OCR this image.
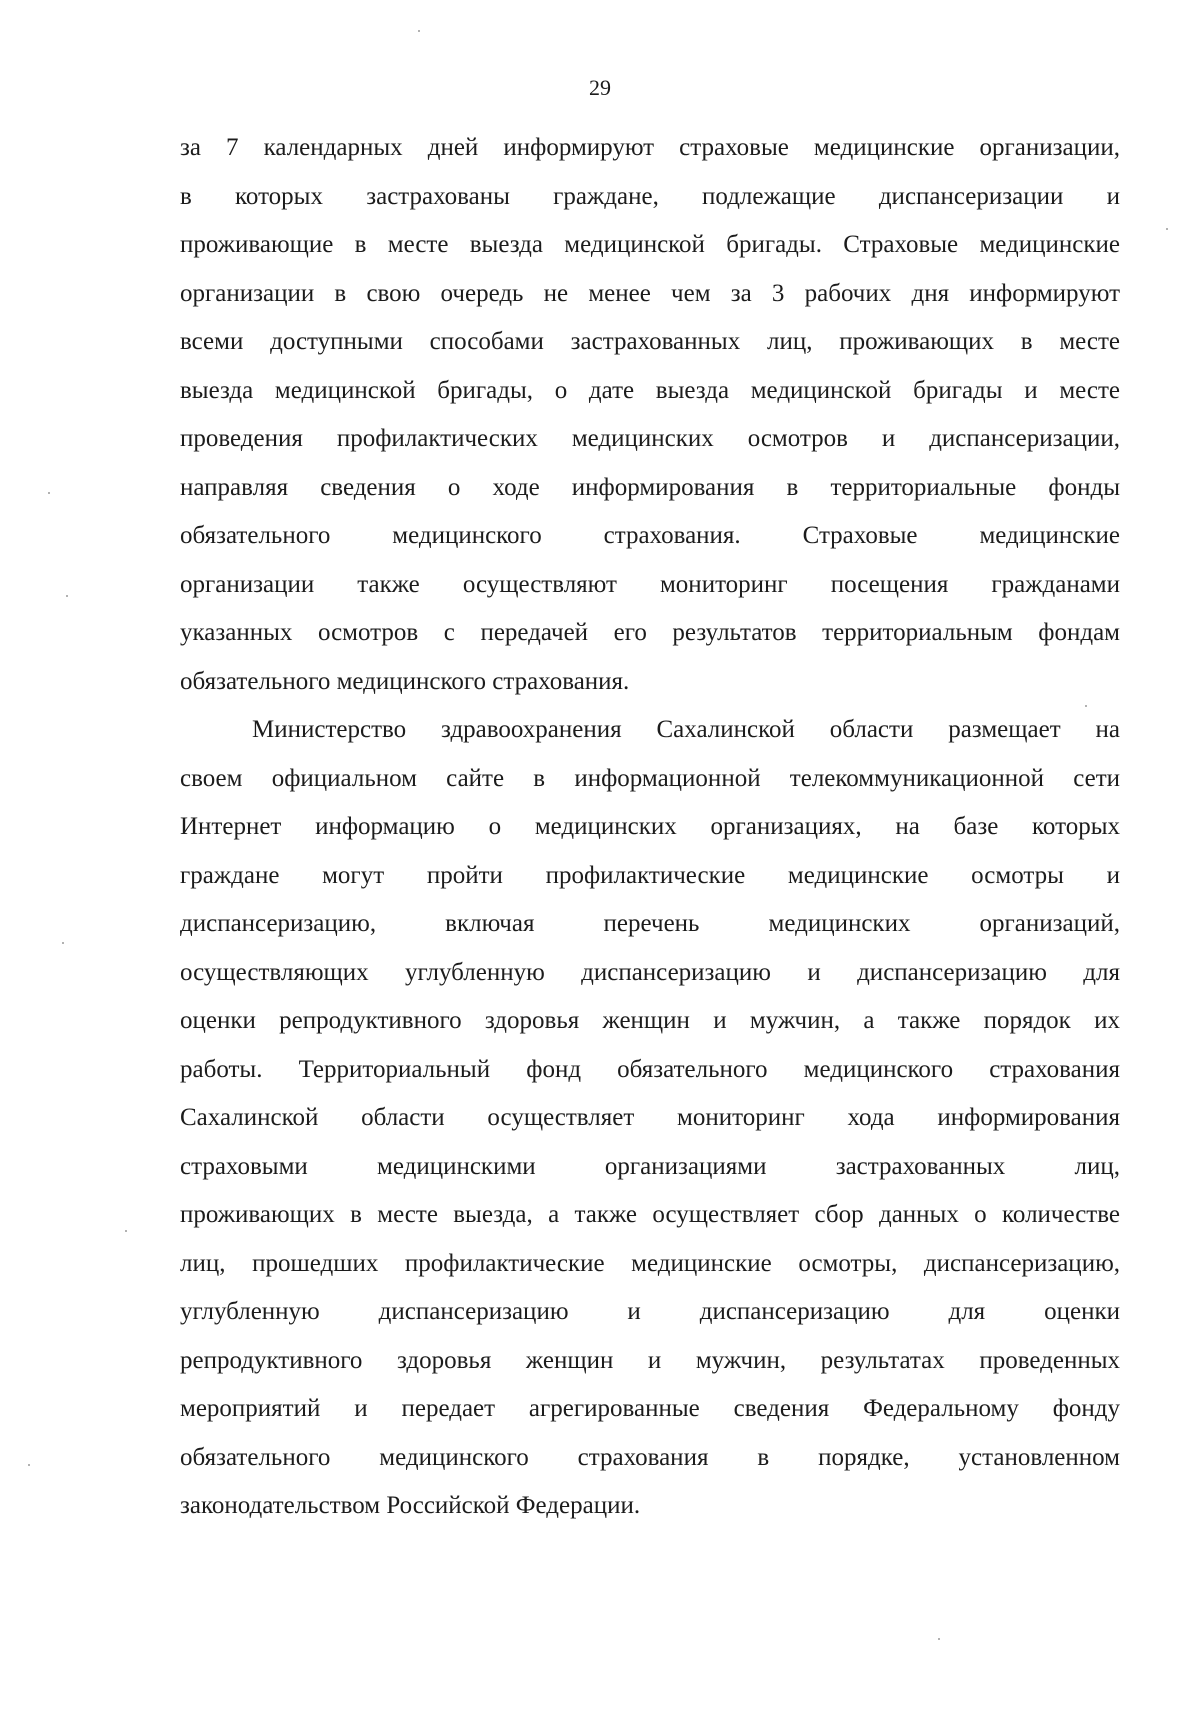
29

за 7 календарных дней информируют страховые медицинские организации,
в которых застрахованы граждане, подлежащие диспансеризации и
проживающие в месте выезда медицинской бригады. Страховые медицинские
организации в свою очередь не менее чем за 3 рабочих дня информируют
всеми доступными способами застрахованных лиц, проживающих в месте
выезда медицинской бригады, о дате выезда медицинской бригады и месте
проведения профилактических медицинских осмотров и диспансеризации,
направляя сведения о ходе информирования в территориальные фонды
обязательного медицинского страхования. Страховые медицинские
организации также осуществляют мониторинг посещения гражданами
указанных осмотров с передачей его результатов территориальным фондам
обязательного медицинского страхования.

Министерство здравоохранения Сахалинской области размещает на
своем официальном сайте в информационной телекоммуникационной сети
Интернет информацию о медицинских организациях, на базе которых
граждане могут пройти профилактические медицинские осмотры и
диспансеризацию, включая перечень медицинских организаций,
осуществляющих углубленную диспансеризацию и диспансеризацию для
оценки репродуктивного здоровья женщин и мужчин, а также порядок их
работы. Территориальный фонд обязательного медицинского страхования
Сахалинской области осуществляет мониторинг хода информирования
страховыми медицинскими организациями застрахованных лиц,
проживающих в месте выезда, а также осуществляет сбор данных о количестве
лиц, прошедших профилактические медицинские осмотры, диспансеризацию,
углубленную диспансеризацию и диспансеризацию для оценки
репродуктивного здоровья женщин и мужчин, результатах проведенных
мероприятий и передает агрегированные сведения Федеральному фонду
обязательного медицинского страхования в порядке, установленном
законодательством Российской Федерации.
